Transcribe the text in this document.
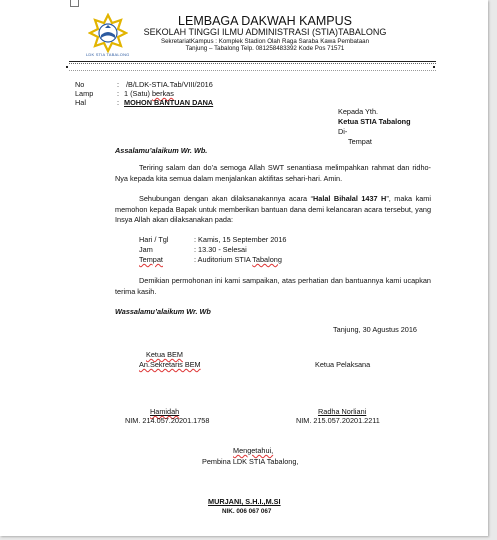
LDK STIA TABALONG
LEMBAGA DAKWAH KAMPUS
SEKOLAH TINGGI ILMU ADMINISTRASI (STIA)TABALONG
SekretariatKampus : Komplek Stadion Olah Raga Saraba Kawa Pembataan
Tanjung – Tabalong Telp. 081258483392 Kode Pos 71571
No	: /B/LDK-STIA.Tab/VIII/2016
Lamp	: 1 (Satu) berkas
Hal	: MOHON BANTUAN DANA
Kepada Yth.
Ketua STIA Tabalong
Di-
Tempat
Assalamu’alaikum Wr. Wb.
Teriring salam dan do’a semoga Allah SWT senantiasa melimpahkan rahmat dan ridho-Nya kepada kita semua dalam menjalankan aktifitas sehari-hari. Amin.
Sehubungan dengan akan dilaksanakannya acara “Halal Bihalal 1437 H”, maka kami memohon kepada Bapak untuk memberikan bantuan dana demi kelancaran acara tersebut, yang Insya Allah akan dilaksanakan pada:
Hari / Tgl	: Kamis, 15 September 2016
Jam	: 13.30 - Selesai
Tempat	: Auditorium STIA Tabalong
Demikian permohonan ini kami sampaikan, atas perhatian dan bantuannya kami ucapkan terima kasih.
Wassalamu’alaikum Wr. Wb
Tanjung, 30 Agustus 2016
Ketua BEM
An.Sekretaris BEM	Ketua Pelaksana
Hamidah
NIM. 214.057.20201.1758
Radha Norliani
NIM. 215.057.20201.2211
Mengetahui,
Pembina LDK STIA Tabalong,
MURJANI, S.H.I.,M.SI
NIK. 006 067 067
